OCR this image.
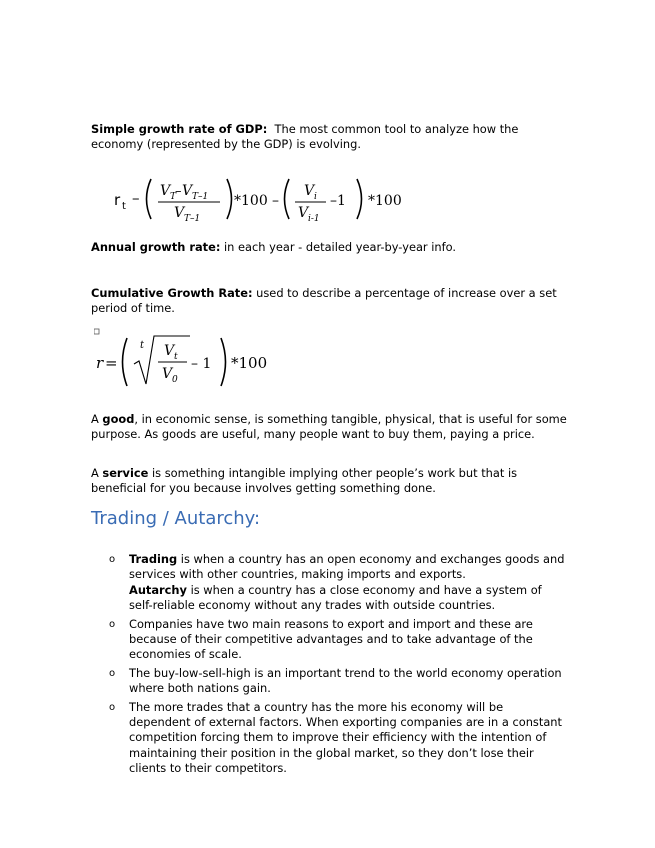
Simple growth rate of GDP: The most common tool to analyze how the economy (represented by the GDP) is evolving.

r t – V T
– V T–1
V T–1
*100 –
V i
V i-1
–1 *100

Annual growth rate: in each year - detailed year-by-year info.

Cumulative Growth Rate: used to describe a percentage of increase over a set period of time.

r =
t V t
V 0
– 1 *100

A good, in economic sense, is something tangible, physical, that is useful for some purpose. As goods are useful, many people want to buy them, paying a price.

A service is something intangible implying other people’s work but that is beneficial for you because involves getting something done.

Trading / Autarchy:
o Trading is when a country has an open economy and exchanges goods and services with other countries, making imports and exports.
Autarchy is when a country has a close economy and have a system of self-reliable economy without any trades with outside countries.
o Companies have two main reasons to export and import and these are because of their competitive advantages and to take advantage of the economies of scale.
o The buy-low-sell-high is an important trend to the world economy operation where both nations gain.
o The more trades that a country has the more his economy will be dependent of external factors. When exporting companies are in a constant competition forcing them to improve their efficiency with the intention of maintaining their position in the global market, so they don’t lose their clients to their competitors.
